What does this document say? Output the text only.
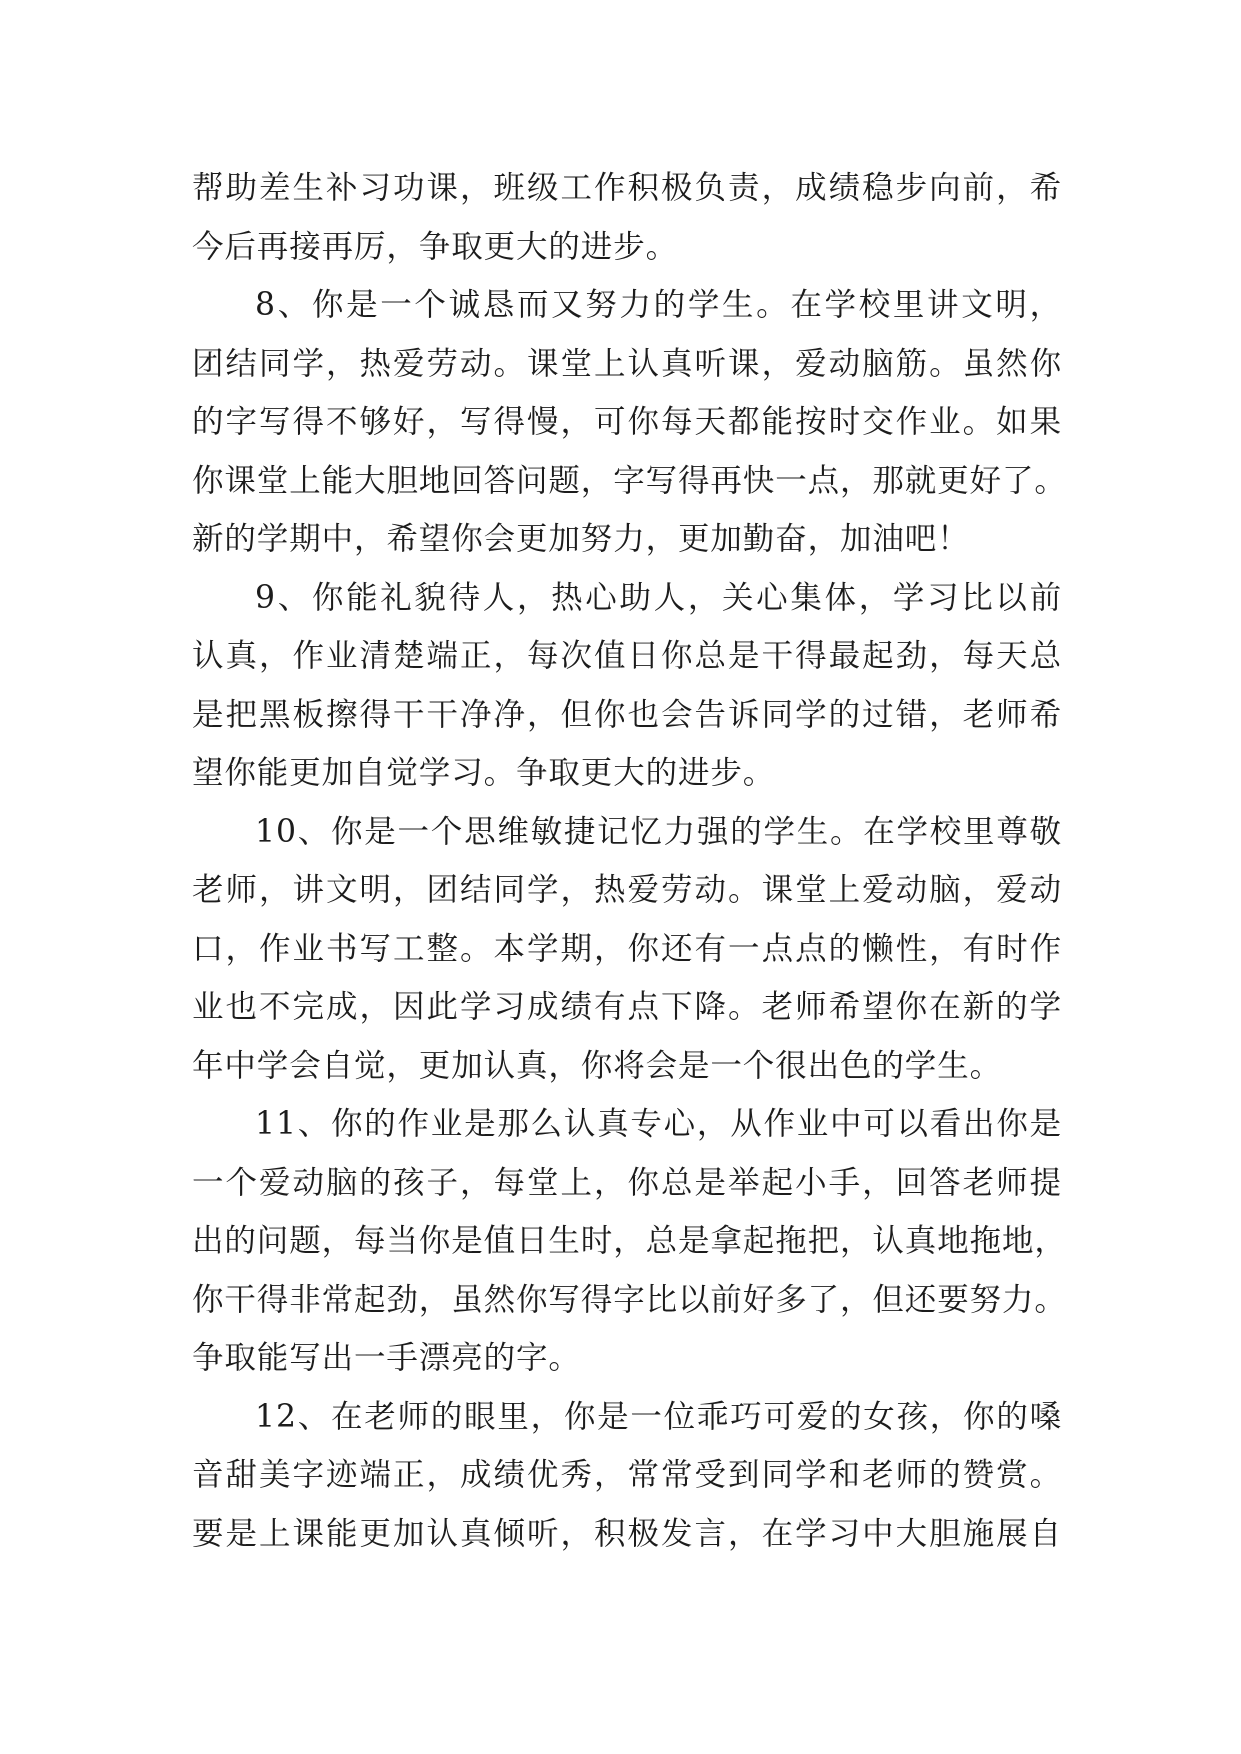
帮助差生补习功课，班级工作积极负责，成绩稳步向前，希
今后再接再厉，争取更大的进步。
8、你是一个诚恳而又努力的学生。在学校里讲文明，
团结同学，热爱劳动。课堂上认真听课，爱动脑筋。虽然你
的字写得不够好，写得慢，可你每天都能按时交作业。如果
你课堂上能大胆地回答问题，字写得再快一点，那就更好了。
新的学期中，希望你会更加努力，更加勤奋，加油吧！
9、你能礼貌待人，热心助人，关心集体，学习比以前
认真，作业清楚端正，每次值日你总是干得最起劲，每天总
是把黑板擦得干干净净，但你也会告诉同学的过错，老师希
望你能更加自觉学习。争取更大的进步。
10、你是一个思维敏捷记忆力强的学生。在学校里尊敬
老师，讲文明，团结同学，热爱劳动。课堂上爱动脑，爱动
口，作业书写工整。本学期，你还有一点点的懒性，有时作
业也不完成，因此学习成绩有点下降。老师希望你在新的学
年中学会自觉，更加认真，你将会是一个很出色的学生。
11、你的作业是那么认真专心，从作业中可以看出你是
一个爱动脑的孩子，每堂上，你总是举起小手，回答老师提
出的问题，每当你是值日生时，总是拿起拖把，认真地拖地，
你干得非常起劲，虽然你写得字比以前好多了，但还要努力。
争取能写出一手漂亮的字。
12、在老师的眼里，你是一位乖巧可爱的女孩，你的嗓
音甜美字迹端正，成绩优秀，常常受到同学和老师的赞赏。
要是上课能更加认真倾听，积极发言，在学习中大胆施展自
